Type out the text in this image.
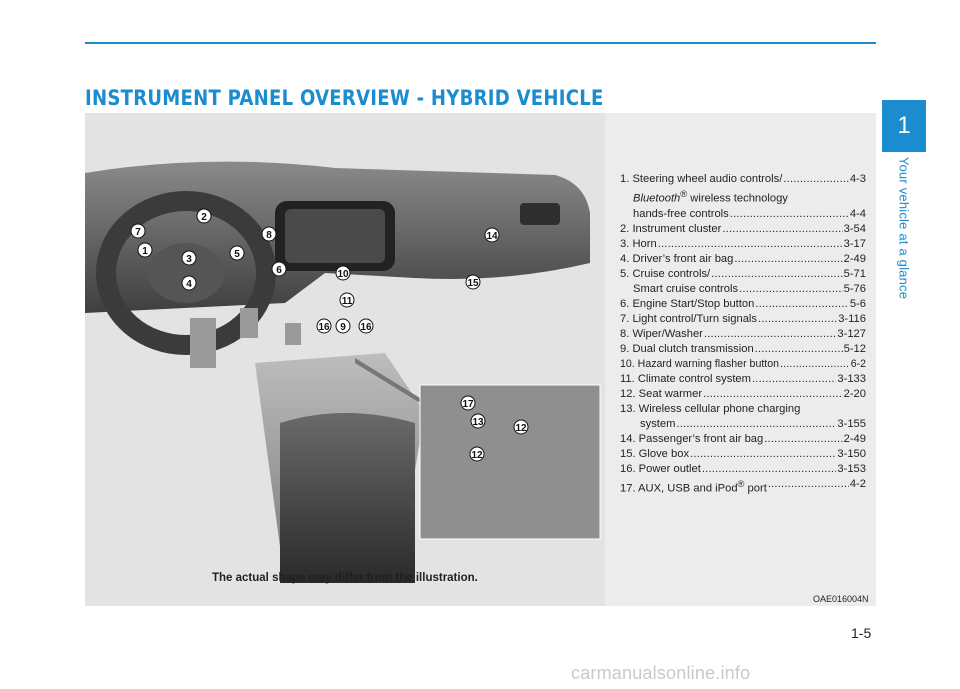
INSTRUMENT PANEL OVERVIEW - HYBRID VEHICLE
1
Your vehicle at a glance
1
2
3
4
5
6
7	8
9
10
11
12
12
13
14
15
16	16
17
1. Steering wheel audio controls/ .....	4-3
Bluetooth® wireless technology
hands-free controls .....	4-4
2. Instrument cluster .....	3-54
3. Horn .....	3-17
4. Driver’s front air bag .....	2-49
5. Cruise controls/ .....	5-71
Smart cruise controls .....	5-76
6. Engine Start/Stop button .....	5-6
7. Light control/Turn signals .....	3-116
8. Wiper/Washer .....	3-127
9. Dual clutch transmission .....	5-12
10. Hazard warning flasher button .....	6-2
11. Climate control system .....	3-133
12. Seat warmer .....	2-20
13. Wireless cellular phone charging
system .....	3-155
14. Passenger’s front air bag .....	2-49
15. Glove box .....	3-150
16. Power outlet .....	3-153
17. AUX, USB and iPod® port .....	4-2
The actual shape may differ from the illustration.
OAE016004N
1-5
carmanualsonline.info
